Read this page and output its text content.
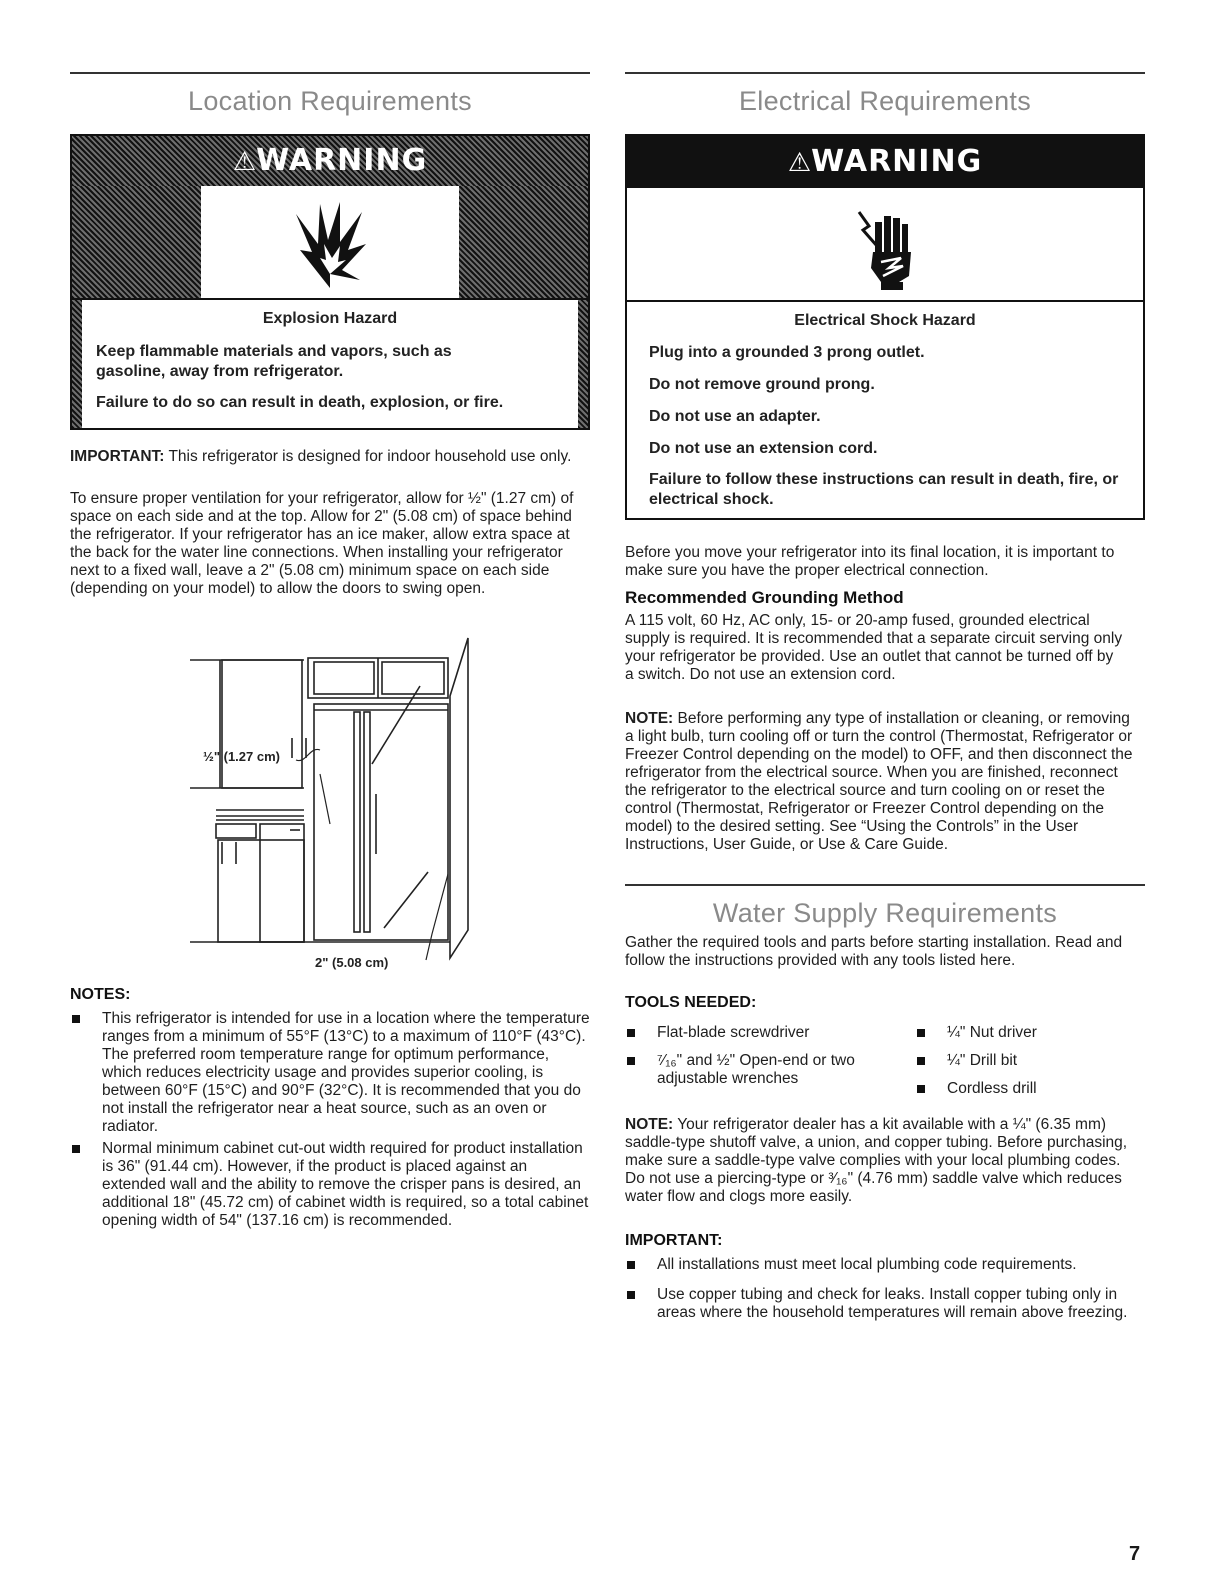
Location Requirements
⚠WARNING
Explosion Hazard
Keep flammable materials and vapors, such as
gasoline, away from refrigerator.
Failure to do so can result in death, explosion, or fire.

IMPORTANT: This refrigerator is designed for indoor household use only.

To ensure proper ventilation for your refrigerator, allow for ½" (1.27 cm) of space on each side and at the top. Allow for 2" (5.08 cm) of space behind the refrigerator. If your refrigerator has an ice maker, allow extra space at the back for the water line connections. When installing your refrigerator next to a fixed wall, leave a 2" (5.08 cm) minimum space on each side (depending on your model) to allow the doors to swing open.

½" (1.27 cm)
2" (5.08 cm)
NOTES:
This refrigerator is intended for use in a location where the temperature ranges from a minimum of 55°F (13°C) to a maximum of 110°F (43°C). The preferred room temperature range for optimum performance, which reduces electricity usage and provides superior cooling, is between 60°F (15°C) and 90°F (32°C). It is recommended that you do not install the refrigerator near a heat source, such as an oven or radiator.
Normal minimum cabinet cut-out width required for product installation is 36" (91.44 cm). However, if the product is placed against an extended wall and the ability to remove the crisper pans is desired, an additional 18" (45.72 cm) of cabinet width is required, so a total cabinet opening width of 54" (137.16 cm) is recommended.
Electrical Requirements
⚠WARNING
Electrical Shock Hazard
Plug into a grounded 3 prong outlet.
Do not remove ground prong.
Do not use an adapter.
Do not use an extension cord.
Failure to follow these instructions can result in death, fire, or electrical shock.

Before you move your refrigerator into its final location, it is important to make sure you have the proper electrical connection.

Recommended Grounding Method

A 115 volt, 60 Hz, AC only, 15- or 20-amp fused, grounded electrical supply is required. It is recommended that a separate circuit serving only your refrigerator be provided. Use an outlet that cannot be turned off by a switch. Do not use an extension cord.

NOTE: Before performing any type of installation or cleaning, or removing a light bulb, turn cooling off or turn the control (Thermostat, Refrigerator or Freezer Control depending on the model) to OFF, and then disconnect the refrigerator from the electrical source. When you are finished, reconnect the refrigerator to the electrical source and turn cooling on or reset the control (Thermostat, Refrigerator or Freezer Control depending on the model) to the desired setting. See “Using the Controls” in the User Instructions, User Guide, or Use & Care Guide.

Water Supply Requirements

Gather the required tools and parts before starting installation. Read and follow the instructions provided with any tools listed here.

TOOLS NEEDED:
Flat-blade screwdriver
⁷⁄₁₆" and ½" Open-end or two adjustable wrenches
¼" Nut driver
¼" Drill bit
Cordless drill

NOTE: Your refrigerator dealer has a kit available with a ¼" (6.35 mm) saddle-type shutoff valve, a union, and copper tubing. Before purchasing, make sure a saddle-type valve complies with your local plumbing codes. Do not use a piercing-type or ³⁄₁₆" (4.76 mm) saddle valve which reduces water flow and clogs more easily.

IMPORTANT:
All installations must meet local plumbing code requirements.
Use copper tubing and check for leaks. Install copper tubing only in areas where the household temperatures will remain above freezing.
7
